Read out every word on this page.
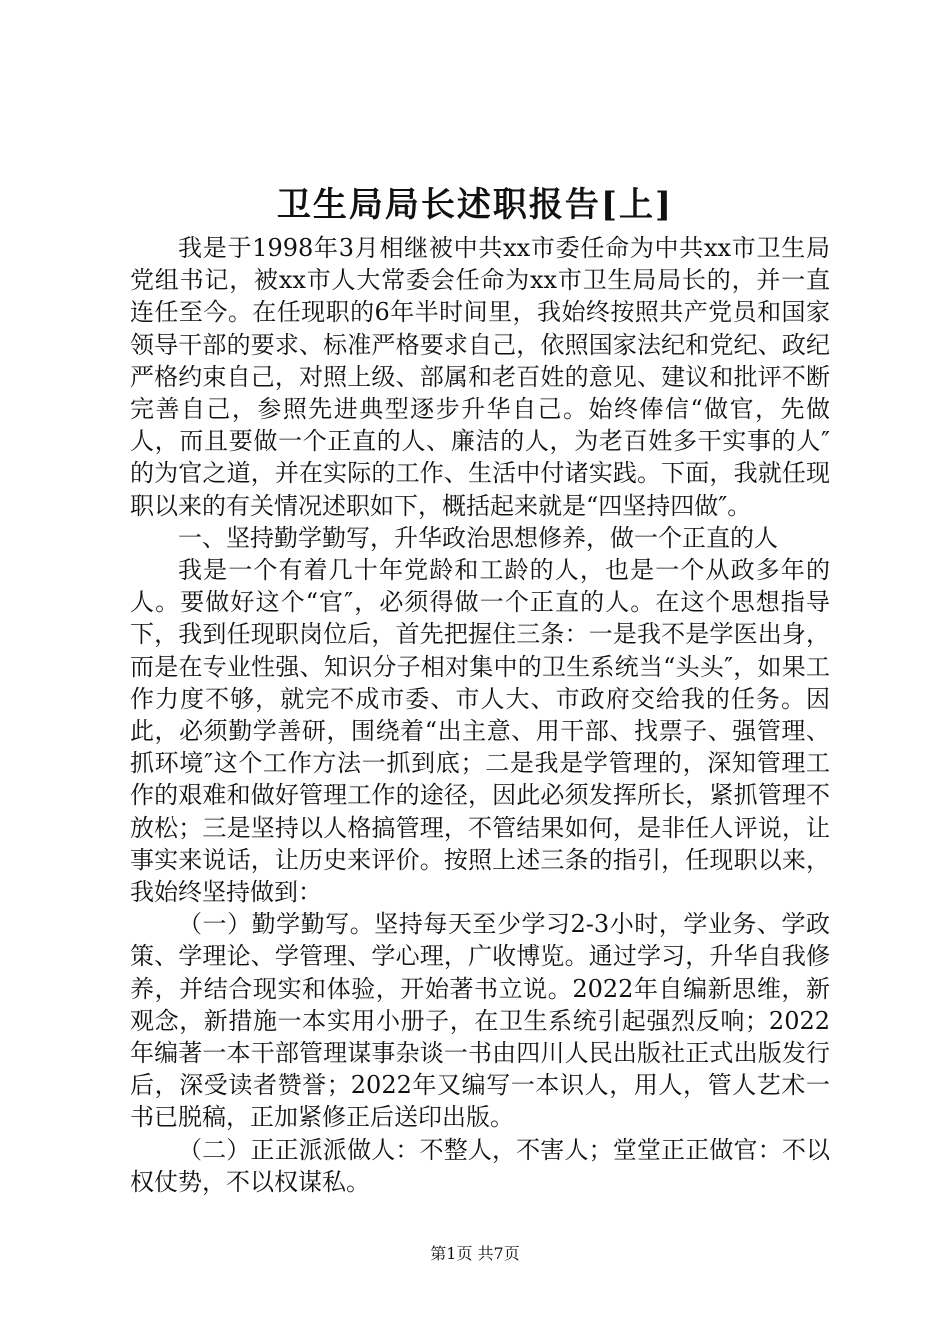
卫生局局长述职报告[上]

我是于1998年3月相继被中共xx市委任命为中共xx市卫生局党组书记，被xx市人大常委会任命为xx市卫生局局长的，并一直连任至今。在任现职的6年半时间里，我始终按照共产党员和国家领导干部的要求、标准严格要求自己，依照国家法纪和党纪、政纪严格约束自己，对照上级、部属和老百姓的意见、建议和批评不断完善自己，参照先进典型逐步升华自己。始终俸信“做官，先做人，而且要做一个正直的人、廉洁的人，为老百姓多干实事的人″的为官之道，并在实际的工作、生活中付诸实践。下面，我就任现职以来的有关情况述职如下，概括起来就是“四坚持四做″。

一、坚持勤学勤写，升华政治思想修养，做一个正直的人

我是一个有着几十年党龄和工龄的人，也是一个从政多年的人。要做好这个“官″，必须得做一个正直的人。在这个思想指导下，我到任现职岗位后，首先把握住三条：一是我不是学医出身，而是在专业性强、知识分子相对集中的卫生系统当“头头″，如果工作力度不够，就完不成市委、市人大、市政府交给我的任务。因此，必须勤学善研，围绕着“出主意、用干部、找票子、强管理、抓环境″这个工作方法一抓到底；二是我是学管理的，深知管理工作的艰难和做好管理工作的途径，因此必须发挥所长，紧抓管理不放松；三是坚持以人格搞管理，不管结果如何，是非任人评说，让事实来说话，让历史来评价。按照上述三条的指引，任现职以来，我始终坚持做到：

（一）勤学勤写。坚持每天至少学习2-3小时，学业务、学政策、学理论、学管理、学心理，广收博览。通过学习，升华自我修养，并结合现实和体验，开始著书立说。2022年自编新思维，新观念，新措施一本实用小册子，在卫生系统引起强烈反响；2022年编著一本干部管理谋事杂谈一书由四川人民出版社正式出版发行后，深受读者赞誉；2022年又编写一本识人，用人，管人艺术一书已脱稿，正加紧修正后送印出版。

（二）正正派派做人：不整人，不害人；堂堂正正做官：不以权仗势，不以权谋私。

第1页 共7页
